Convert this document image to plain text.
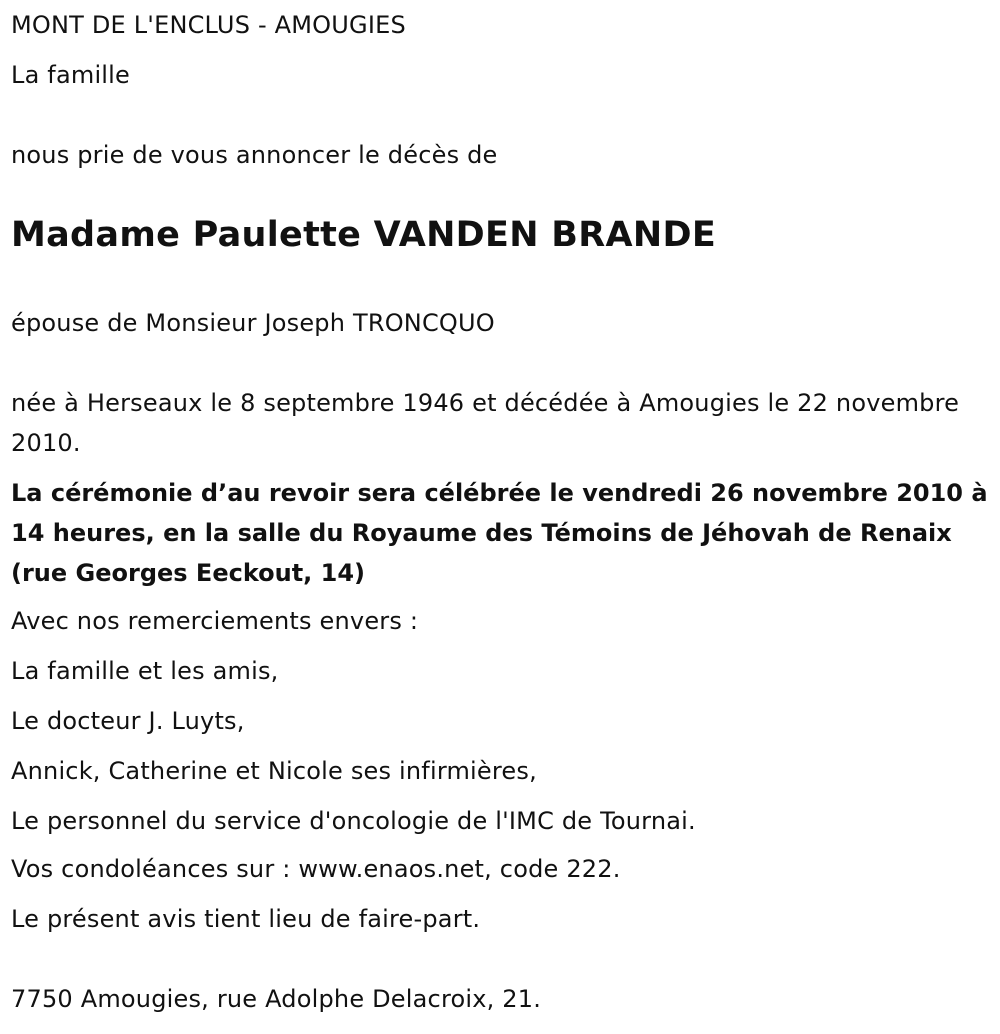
MONT DE L'ENCLUS - AMOUGIES

La famille

nous prie de vous annoncer le décès de

Madame Paulette VANDEN BRANDE

épouse de Monsieur Joseph TRONCQUO

née à Herseaux le 8 septembre 1946 et décédée à Amougies le 22 novembre 2010.

La cérémonie d’au revoir sera célébrée le vendredi 26 novembre 2010 à 14 heures, en la salle du Royaume des Témoins de Jéhovah de Renaix (rue Georges Eeckout, 14)

Avec nos remerciements envers :

La famille et les amis,

Le docteur J. Luyts,

Annick, Catherine et Nicole ses infirmières,

Le personnel du service d'oncologie de l'IMC de Tournai.

Vos condoléances sur : www.enaos.net, code 222.

Le présent avis tient lieu de faire-part.

7750 Amougies, rue Adolphe Delacroix, 21.
